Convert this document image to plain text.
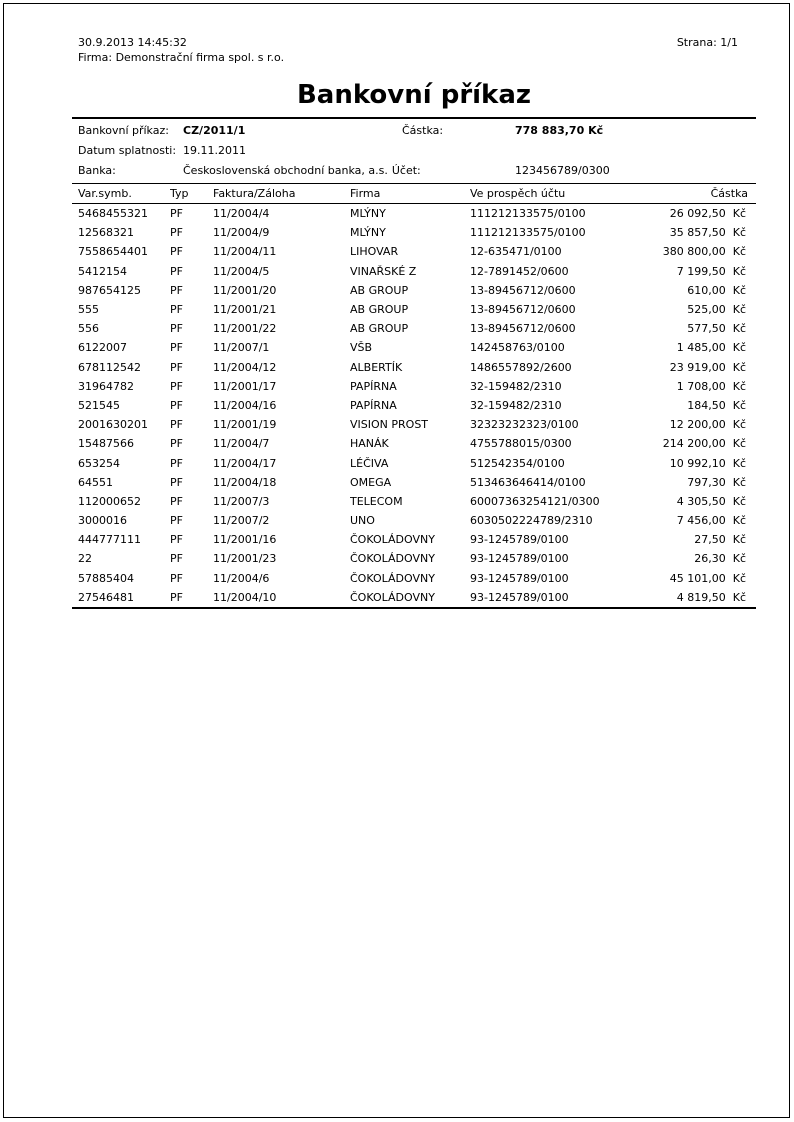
30.9.2013 14:45:32
Firma: Demonstrační firma spol. s r.o.
Strana: 1/1
Bankovní příkaz
Bankovní příkaz:	CZ/2011/1	Částka:	778 883,70 Kč
Datum splatnosti: 19.11.2011
Banka:	Československá obchodní banka, a.s. Účet:	123456789/0300
Var.symb.	Typ	Faktura/Záloha	Firma	Ve prospěch účtu	Částka
5468455321	PF	11/2004/4	MLÝNY	111212133575/0100	26 092,50 Kč
12568321	PF	11/2004/9	MLÝNY	111212133575/0100	35 857,50 Kč
7558654401	PF	11/2004/11	LIHOVAR	12-635471/0100	380 800,00 Kč
5412154	PF	11/2004/5	VINAŘSKÉ Z	12-7891452/0600	7 199,50 Kč
987654125	PF	11/2001/20	AB GROUP	13-89456712/0600	610,00 Kč
555	PF	11/2001/21	AB GROUP	13-89456712/0600	525,00 Kč
556	PF	11/2001/22	AB GROUP	13-89456712/0600	577,50 Kč
6122007	PF	11/2007/1	VŠB	142458763/0100	1 485,00 Kč
678112542	PF	11/2004/12	ALBERTÍK	1486557892/2600	23 919,00 Kč
31964782	PF	11/2001/17	PAPÍRNA	32-159482/2310	1 708,00 Kč
521545	PF	11/2004/16	PAPÍRNA	32-159482/2310	184,50 Kč
2001630201	PF	11/2001/19	VISION PROST	32323232323/0100	12 200,00 Kč
15487566	PF	11/2004/7	HANÁK	4755788015/0300	214 200,00 Kč
653254	PF	11/2004/17	LÉČIVA	512542354/0100	10 992,10 Kč
64551	PF	11/2004/18	OMEGA	513463646414/0100	797,30 Kč
112000652	PF	11/2007/3	TELECOM	60007363254121/0300	4 305,50 Kč
3000016	PF	11/2007/2	UNO	6030502224789/2310	7 456,00 Kč
444777111	PF	11/2001/16	ČOKOLÁDOVNY	93-1245789/0100	27,50 Kč
22	PF	11/2001/23	ČOKOLÁDOVNY	93-1245789/0100	26,30 Kč
57885404	PF	11/2004/6	ČOKOLÁDOVNY	93-1245789/0100	45 101,00 Kč
27546481	PF	11/2004/10	ČOKOLÁDOVNY	93-1245789/0100	4 819,50 Kč
